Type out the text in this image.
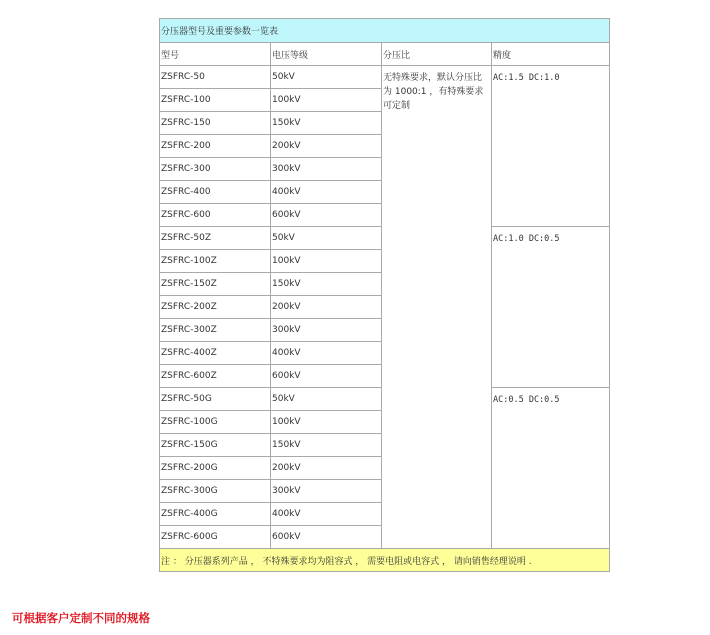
分压器型号及重要参数一览表			
型号	电压等级	分压比	精度
ZSFRC-50	50kV	无特殊要求，默认分压比为 1000:1 ，有特殊要求可定制	AC:1.5 DC:1.0
ZSFRC-100	100kV		
ZSFRC-150	150kV		
ZSFRC-200	200kV		
ZSFRC-300	300kV		
ZSFRC-400	400kV		
ZSFRC-600	600kV		
ZSFRC-50Z	50kV		AC:1.0 DC:0.5
ZSFRC-100Z	100kV		
ZSFRC-150Z	150kV		
ZSFRC-200Z	200kV		
ZSFRC-300Z	300kV		
ZSFRC-400Z	400kV		
ZSFRC-600Z	600kV		
ZSFRC-50G	50kV		AC:0.5 DC:0.5
ZSFRC-100G	100kV		
ZSFRC-150G	150kV		
ZSFRC-200G	200kV		
ZSFRC-300G	300kV		
ZSFRC-400G	400kV		
ZSFRC-600G	600kV		
注 ： 分压器系列产品 ， 不特殊要求均为阻容式 ， 需要电阻或电容式 ， 请向销售经理说明 .			
可根据客户定制不同的规格
